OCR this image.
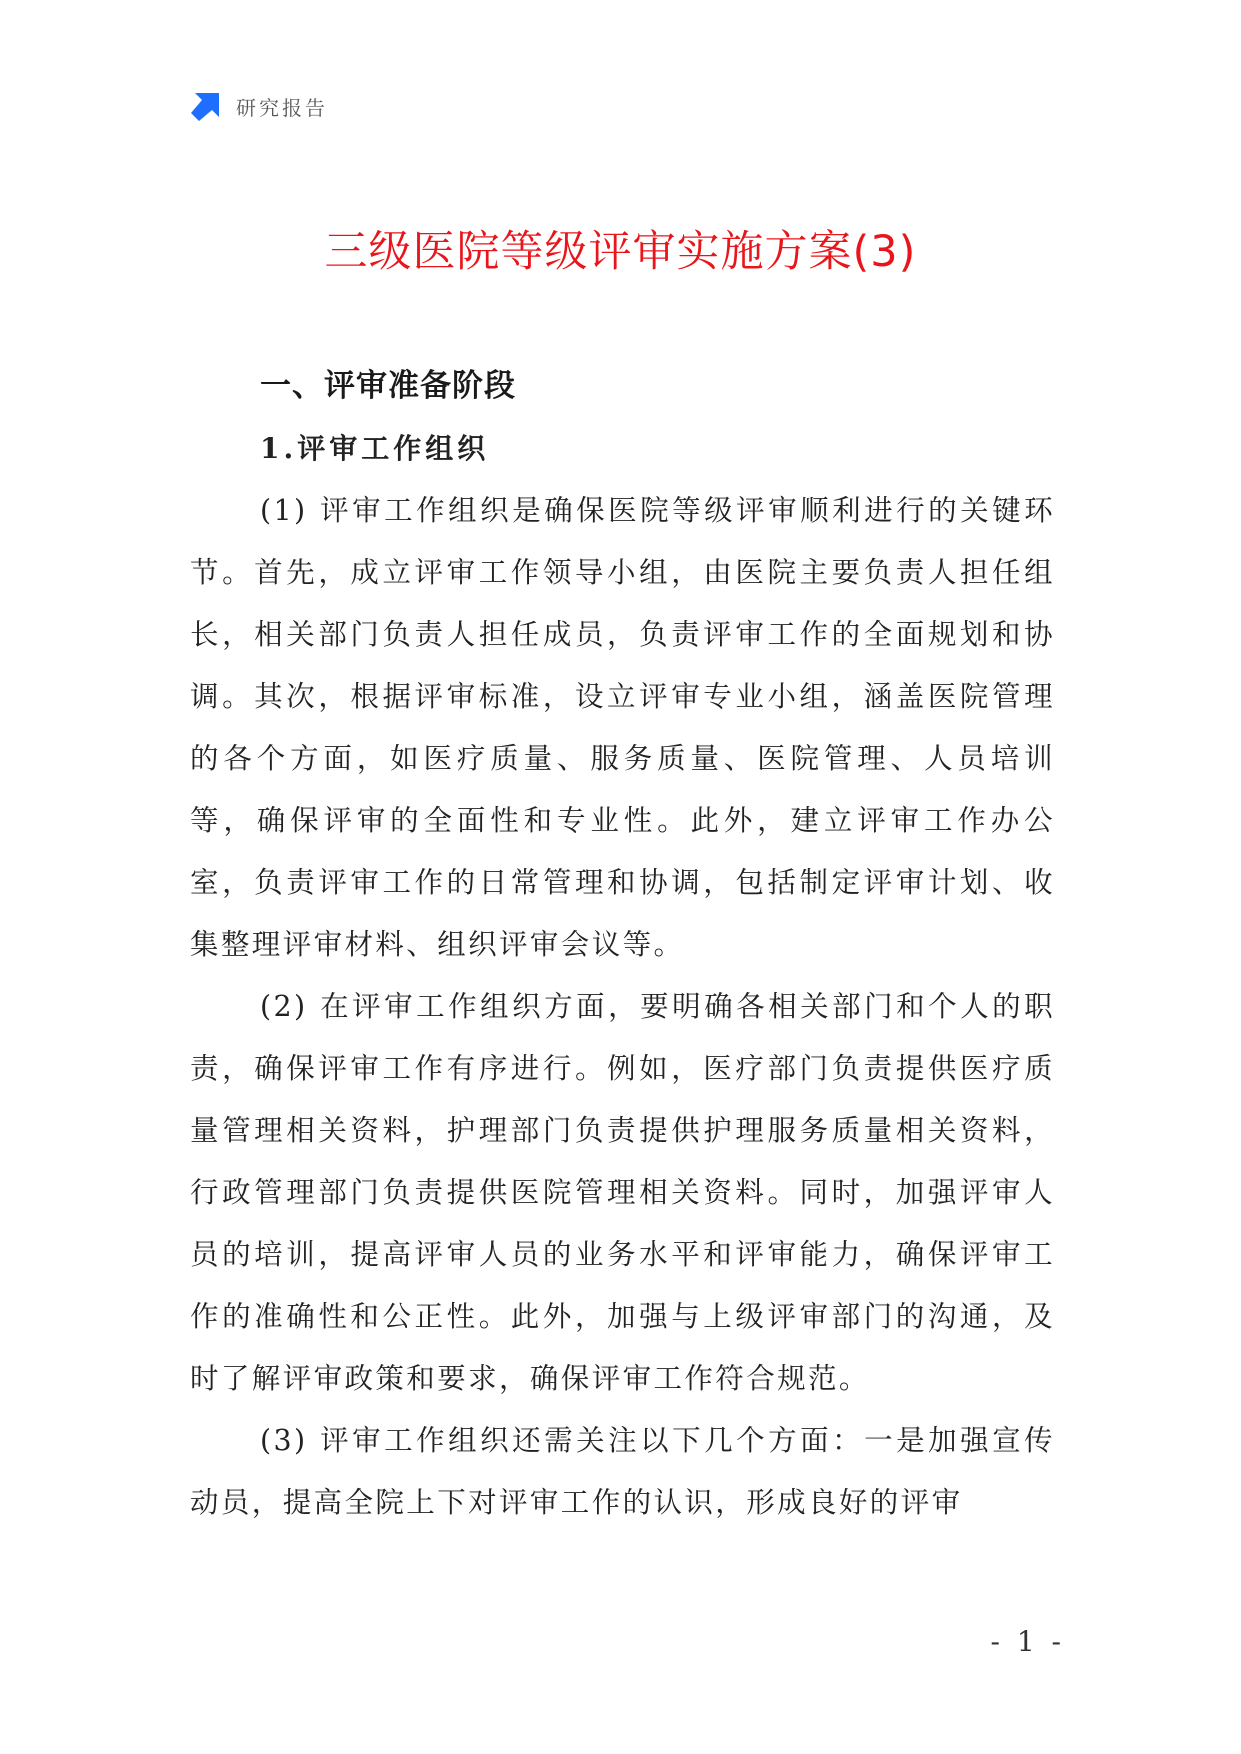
研究报告
三级医院等级评审实施方案(3)
一、评审准备阶段
1.评审工作组织

(1) 评审工作组织是确保医院等级评审顺利进行的关键环节。首先，成立评审工作领导小组，由医院主要负责人担任组长，相关部门负责人担任成员，负责评审工作的全面规划和协调。其次，根据评审标准，设立评审专业小组，涵盖医院管理的各个方面，如医疗质量、服务质量、医院管理、人员培训等，确保评审的全面性和专业性。此外，建立评审工作办公室，负责评审工作的日常管理和协调，包括制定评审计划、收集整理评审材料、组织评审会议等。

(2) 在评审工作组织方面，要明确各相关部门和个人的职责，确保评审工作有序进行。例如，医疗部门负责提供医疗质量管理相关资料，护理部门负责提供护理服务质量相关资料，行政管理部门负责提供医院管理相关资料。同时，加强评审人员的培训，提高评审人员的业务水平和评审能力，确保评审工作的准确性和公正性。此外，加强与上级评审部门的沟通，及时了解评审政策和要求，确保评审工作符合规范。

(3) 评审工作组织还需关注以下几个方面：一是加强宣传动员，提高全院上下对评审工作的认识，形成良好的评审

- 1 -
